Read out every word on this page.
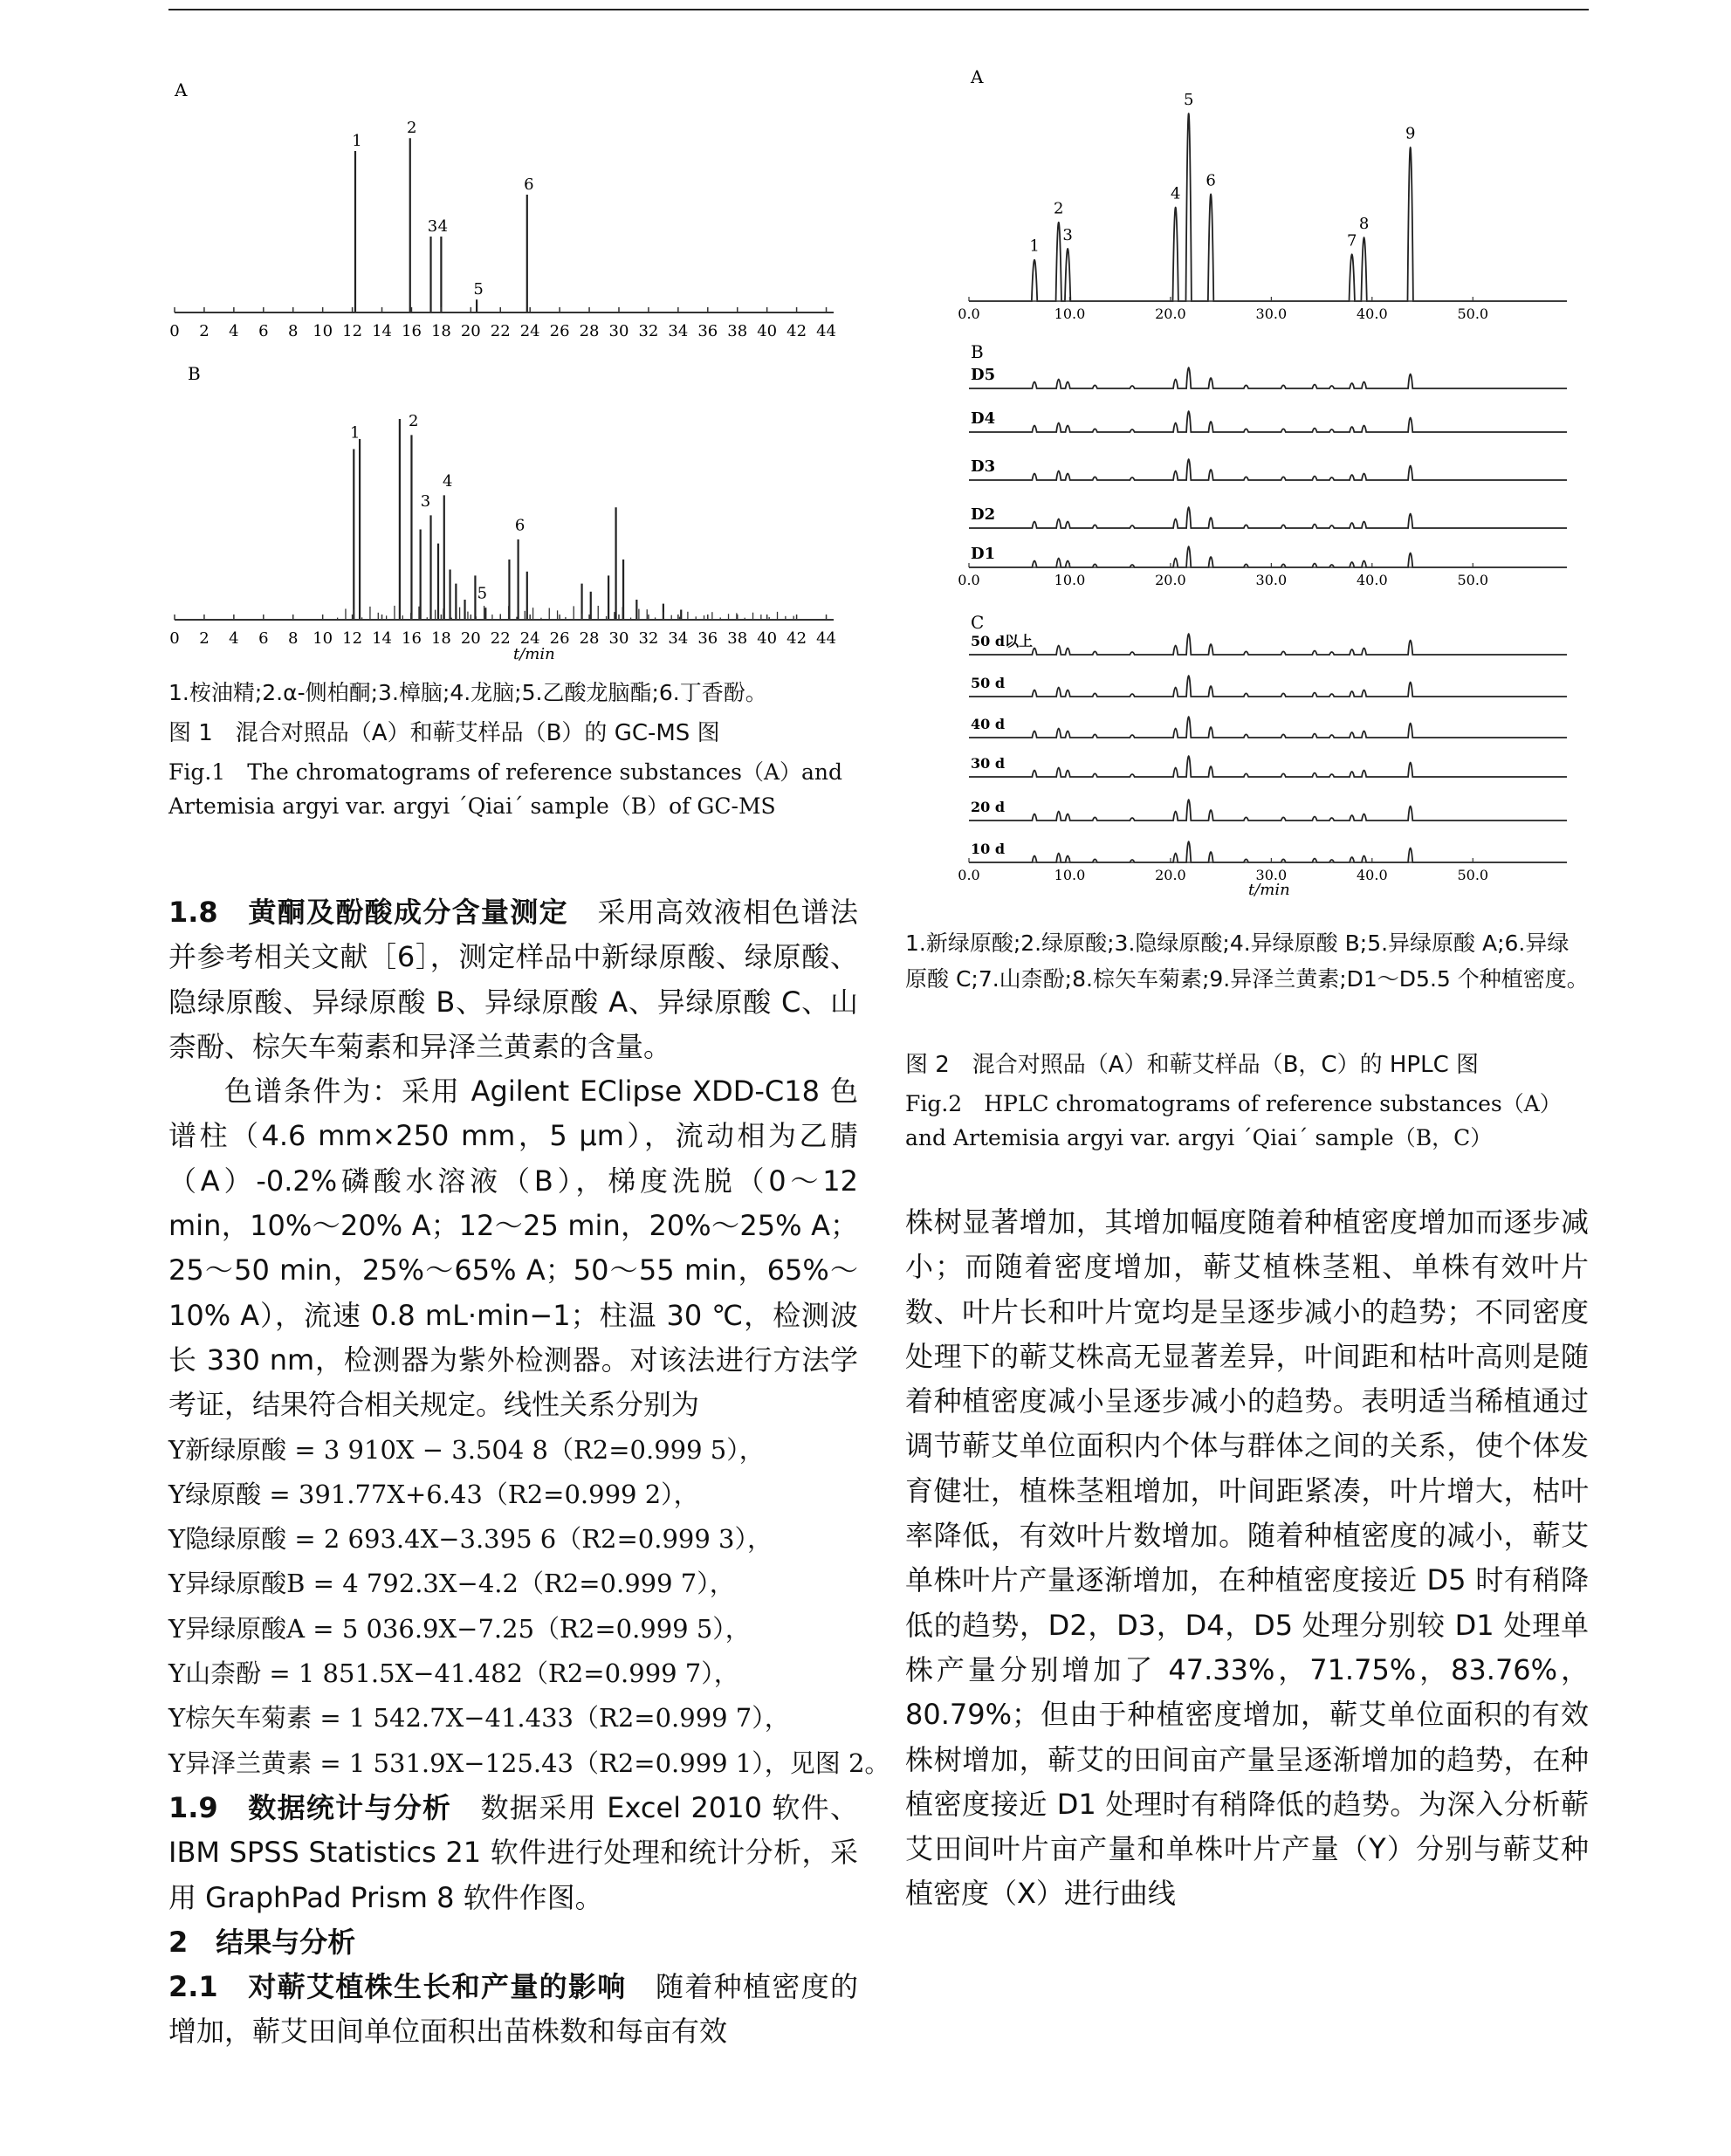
A
1
2
3 4
5
6
0 2 4 6 8 10 12 14 16 18 20 22 24 26 28 30 32 34 36 38 40 42 44
B
1
2
3
4
5
6
0 2 4 6 8 10 12 14 16 18 20 22 24 26 28 30 32 34 36 38 40 42 44
t/min
1.桉油精;2.α-侧柏酮;3.樟脑;4.龙脑;5.乙酸龙脑酯;6.丁香酚。
图 1　混合对照品（A）和蕲艾样品（B）的 GC-MS 图
Fig.1　The chromatograms of reference substances（A）and Artemisia argyi var. argyi ´Qiai´ sample（B）of GC-MS
A
B
C
1
2
3
4
5
6
7
8
9
0.0	10.0	20.0	30.0	40.0	50.0
D5
D4
D3
D2
D1
0.0	10.0	20.0	30.0	40.0	50.0
50 d以上
50 d
40 d
30 d
20 d
10 d
0.0	10.0	20.0	30.0	40.0	50.0
t/min
1.新绿原酸;2.绿原酸;3.隐绿原酸;4.异绿原酸 B;5.异绿原酸 A;6.异绿原酸 C;7.山柰酚;8.棕矢车菊素;9.异泽兰黄素;D1～D5.5 个种植密度。
图 2　混合对照品（A）和蕲艾样品（B，C）的 HPLC 图
Fig.2　HPLC chromatograms of reference substances（A）and Artemisia argyi var. argyi ´Qiai´ sample（B，C）

1.8　黄酮及酚酸成分含量测定　 采用高效液相色谱法并参考相关文献［6］，测定样品中新绿原酸、绿原酸、隐绿原酸、异绿原酸 B、异绿原酸 A、异绿原酸 C、山柰酚、棕矢车菊素和异泽兰黄素的含量。

色谱条件为：采用 Agilent EClipse XDD-C18 色谱柱（4.6 mm×250 mm，5 μm），流动相为乙腈（A）-0.2%磷酸水溶液（B），梯度洗脱（0～12 min，10%～20% A；12～25 min，20%～25% A；25～50 min，25%～65% A；50～55 min，65%～10% A），流速 0.8 mL·min−1；柱温 30 ℃，检测波长 330 nm，检测器为紫外检测器。对该法进行方法学考证，结果符合相关规定。线性关系分别为

Y新绿原酸 = 3 910X − 3.504 8（R2=0.999 5），
Y绿原酸 = 391.77X+6.43（R2=0.999 2），
Y隐绿原酸 = 2 693.4X−3.395 6（R2=0.999 3），
Y异绿原酸B = 4 792.3X−4.2（R2=0.999 7），
Y异绿原酸A = 5 036.9X−7.25（R2=0.999 5），
Y山柰酚 = 1 851.5X−41.482（R2=0.999 7），
Y棕矢车菊素 = 1 542.7X−41.433（R2=0.999 7），
Y异泽兰黄素 = 1 531.9X−125.43（R2=0.999 1），见图 2。

1.9　数据统计与分析　 数据采用 Excel 2010 软件、IBM SPSS Statistics 21 软件进行处理和统计分析，采用 GraphPad Prism 8 软件作图。

2　结果与分析

2.1　对蕲艾植株生长和产量的影响　 随着种植密度的增加，蕲艾田间单位面积出苗株数和每亩有效

株树显著增加，其增加幅度随着种植密度增加而逐步减小；而随着密度增加，蕲艾植株茎粗、单株有效叶片数、叶片长和叶片宽均是呈逐步减小的趋势；不同密度处理下的蕲艾株高无显著差异，叶间距和枯叶高则是随着种植密度减小呈逐步减小的趋势。表明适当稀植通过调节蕲艾单位面积内个体与群体之间的关系，使个体发育健壮，植株茎粗增加，叶间距紧凑，叶片增大，枯叶率降低，有效叶片数增加。随着种植密度的减小，蕲艾单株叶片产量逐渐增加，在种植密度接近 D5 时有稍降低的趋势，D2，D3，D4，D5 处理分别较 D1 处理单株产量分别增加了 47.33%，71.75%，83.76%，80.79%；但由于种植密度增加，蕲艾单位面积的有效株树增加，蕲艾的田间亩产量呈逐渐增加的趋势，在种植密度接近 D1 处理时有稍降低的趋势。为深入分析蕲艾田间叶片亩产量和单株叶片产量（Y）分别与蕲艾种植密度（X）进行曲线
